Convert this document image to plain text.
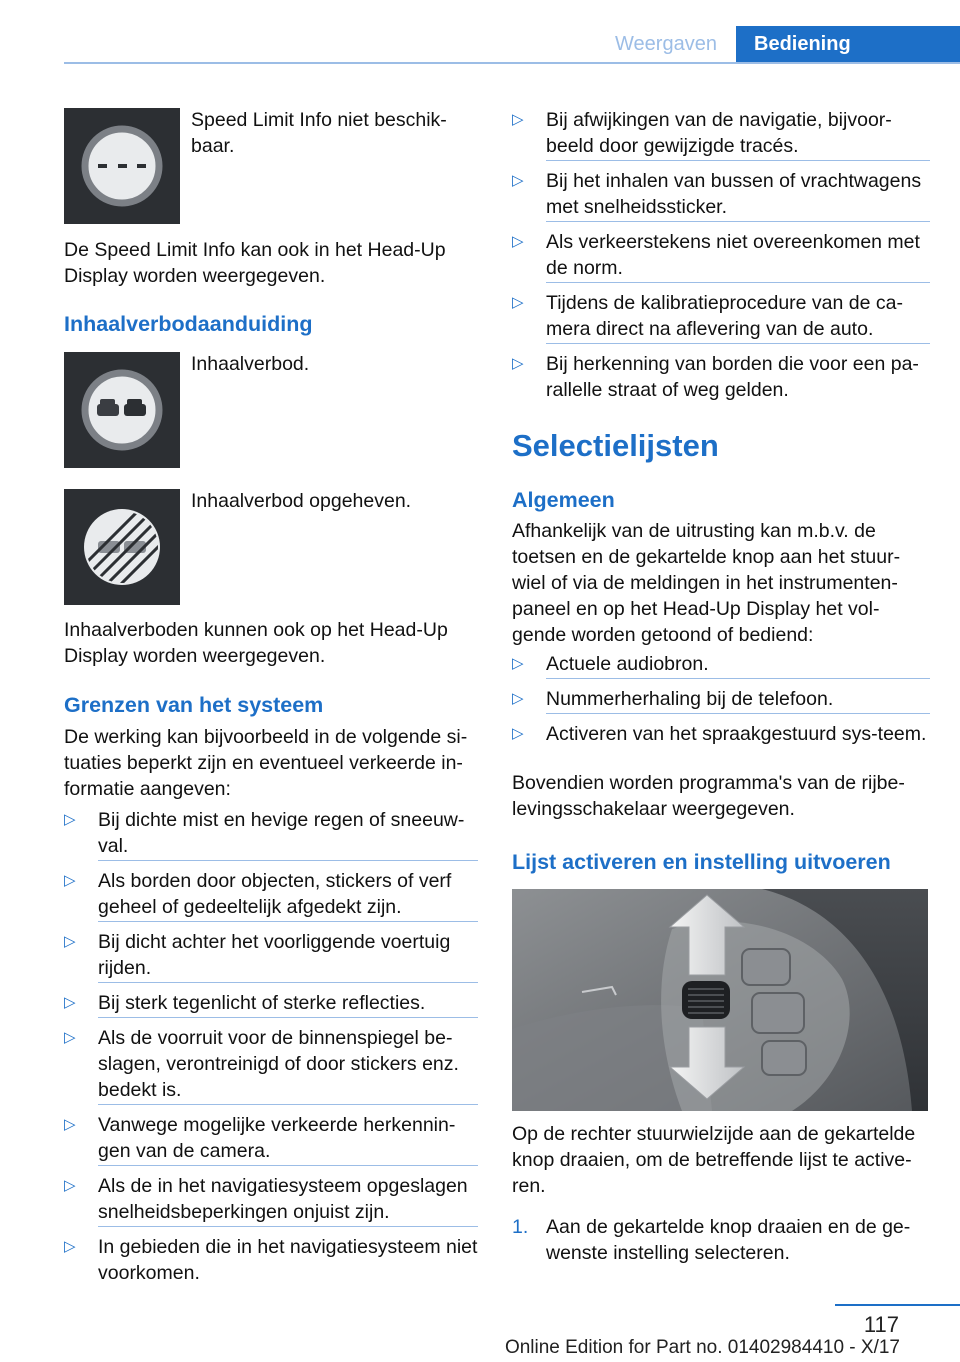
Weergaven	Bediening

Speed Limit Info niet beschik-baar.

De Speed Limit Info kan ook in het Head-Up Display worden weergegeven.

Inhaalverbodaanduiding

Inhaalverbod.

Inhaalverbod opgeheven.

Inhaalverboden kunnen ook op het Head-Up Display worden weergegeven.

Grenzen van het systeem

De werking kan bijvoorbeeld in de volgende si-tuaties beperkt zijn en eventueel verkeerde in-formatie aangeven:

▷ Bij dichte mist en hevige regen of sneeuw-val.
▷ Als borden door objecten, stickers of verf geheel of gedeeltelijk afgedekt zijn.
▷ Bij dicht achter het voorliggende voertuig rijden.
▷ Bij sterk tegenlicht of sterke reflecties.
▷ Als de voorruit voor de binnenspiegel be-slagen, verontreinigd of door stickers enz. bedekt is.
▷ Vanwege mogelijke verkeerde herkennin-gen van de camera.
▷ Als de in het navigatiesysteem opgeslagen snelheidsbeperkingen onjuist zijn.
▷ In gebieden die in het navigatiesysteem niet voorkomen.
▷ Bij afwijkingen van de navigatie, bijvoor-beeld door gewijzigde tracés.
▷ Bij het inhalen van bussen of vrachtwagens met snelheidssticker.
▷ Als verkeerstekens niet overeenkomen met de norm.
▷ Tijdens de kalibratieprocedure van de ca-mera direct na aflevering van de auto.
▷ Bij herkenning van borden die voor een pa-rallelle straat of weg gelden.
Selectielijsten
Algemeen

Afhankelijk van de uitrusting kan m.b.v. de toetsen en de gekartelde knop aan het stuur-wiel of via de meldingen in het instrumenten-paneel en op het Head-Up Display het vol-gende worden getoond of bediend:

▷ Actuele audiobron.
▷ Nummerherhaling bij de telefoon.
▷ Activeren van het spraakgestuurd sys-teem.

Bovendien worden programma's van de rijbe-levingsschakelaar weergegeven.

Lijst activeren en instelling uitvoeren

Op de rechter stuurwielzijde aan de gekartelde knop draaien, om de betreffende lijst te active-ren.

1. Aan de gekartelde knop draaien en de ge-wenste instelling selecteren.
117
Online Edition for Part no. 01402984410 - X/17
